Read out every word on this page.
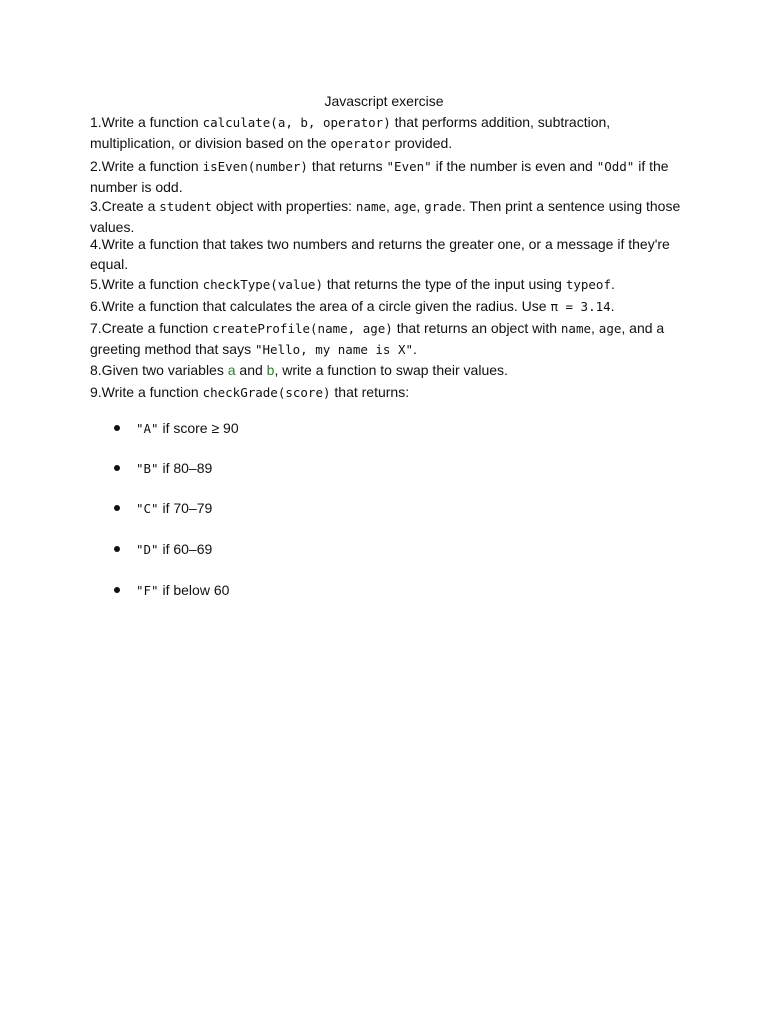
Javascript exercise

1.Write a function calculate(a, b, operator) that performs addition, subtraction, multiplication, or division based on the operator provided.

2.Write a function isEven(number) that returns "Even" if the number is even and "Odd" if the number is odd.

3.Create a student object with properties: name, age, grade. Then print a sentence using those values.

4.Write a function that takes two numbers and returns the greater one, or a message if they're equal.

5.Write a function checkType(value) that returns the type of the input using typeof.

6.Write a function that calculates the area of a circle given the radius. Use π = 3.14.

7.Create a function createProfile(name, age) that returns an object with name, age, and a greeting method that says "Hello, my name is X".

8.Given two variables a and b, write a function to swap their values.

9.Write a function checkGrade(score) that returns:

"A" if score ≥ 90
"B" if 80–89
"C" if 70–79
"D" if 60–69
"F" if below 60
